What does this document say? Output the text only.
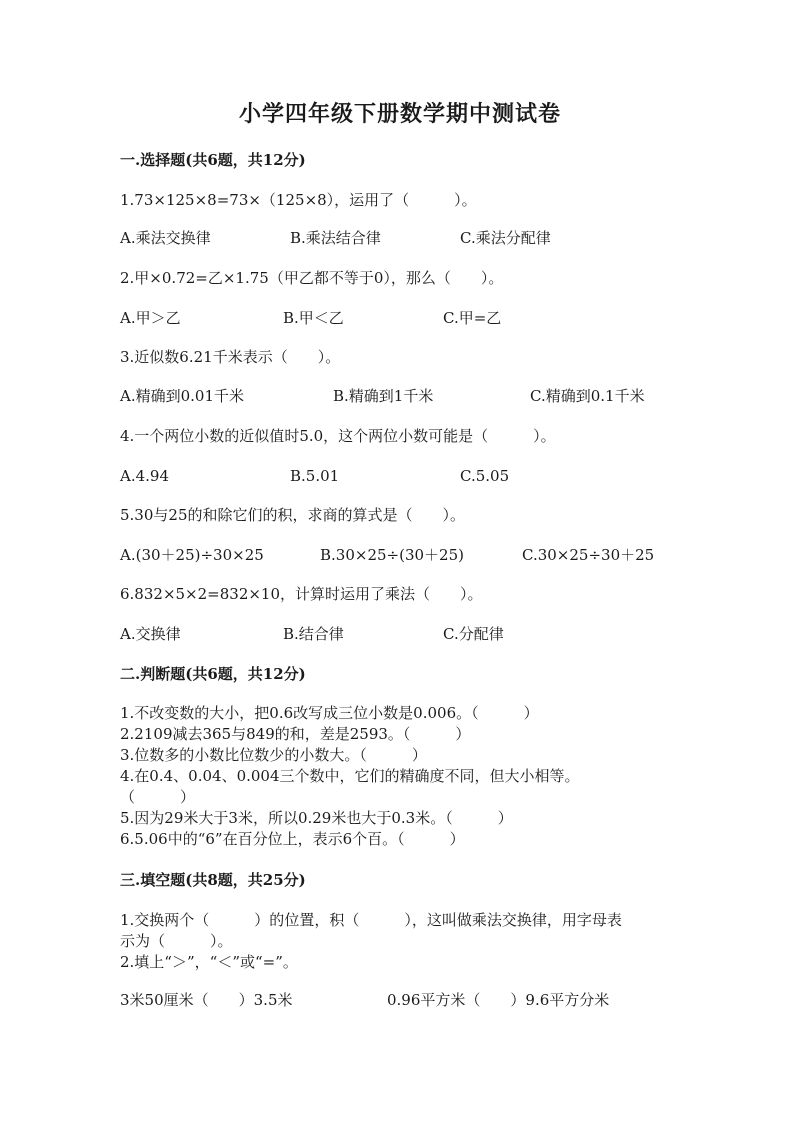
小学四年级下册数学期中测试卷
一.选择题(共6题，共12分)
1.73×125×8=73×（125×8），运用了（　　　）。
A.乘法交换律	B.乘法结合律	C.乘法分配律
2.甲×0.72=乙×1.75（甲乙都不等于0），那么（　　）。
A.甲＞乙	B.甲＜乙	C.甲=乙
3.近似数6.21千米表示（　　）。
A.精确到0.01千米	B.精确到1千米	C.精确到0.1千米
4.一个两位小数的近似值时5.0，这个两位小数可能是（　　　）。
A.4.94	B.5.01	C.5.05
5.30与25的和除它们的积，求商的算式是（　　）。
A.(30＋25)÷30×25	B.30×25÷(30＋25)	C.30×25÷30＋25
6.832×5×2=832×10，计算时运用了乘法（　　）。
A.交换律	B.结合律	C.分配律
二.判断题(共6题，共12分)
1.不改变数的大小，把0.6改写成三位小数是0.006。（　　　）
2.2109减去365与849的和，差是2593。（　　　）
3.位数多的小数比位数少的小数大。（　　　）
4.在0.4、0.04、0.004三个数中，它们的精确度不同，但大小相等。
（　　　）
5.因为29米大于3米，所以0.29米也大于0.3米。（　　　）
6.5.06中的“6”在百分位上，表示6个百。（　　　）
三.填空题(共8题，共25分)
1.交换两个（　　　）的位置，积（　　　），这叫做乘法交换律，用字母表
示为（　　　）。
2.填上“＞”，“＜”或“=”。
3米50厘米（　　）3.5米	0.96平方米（　　）9.6平方分米
